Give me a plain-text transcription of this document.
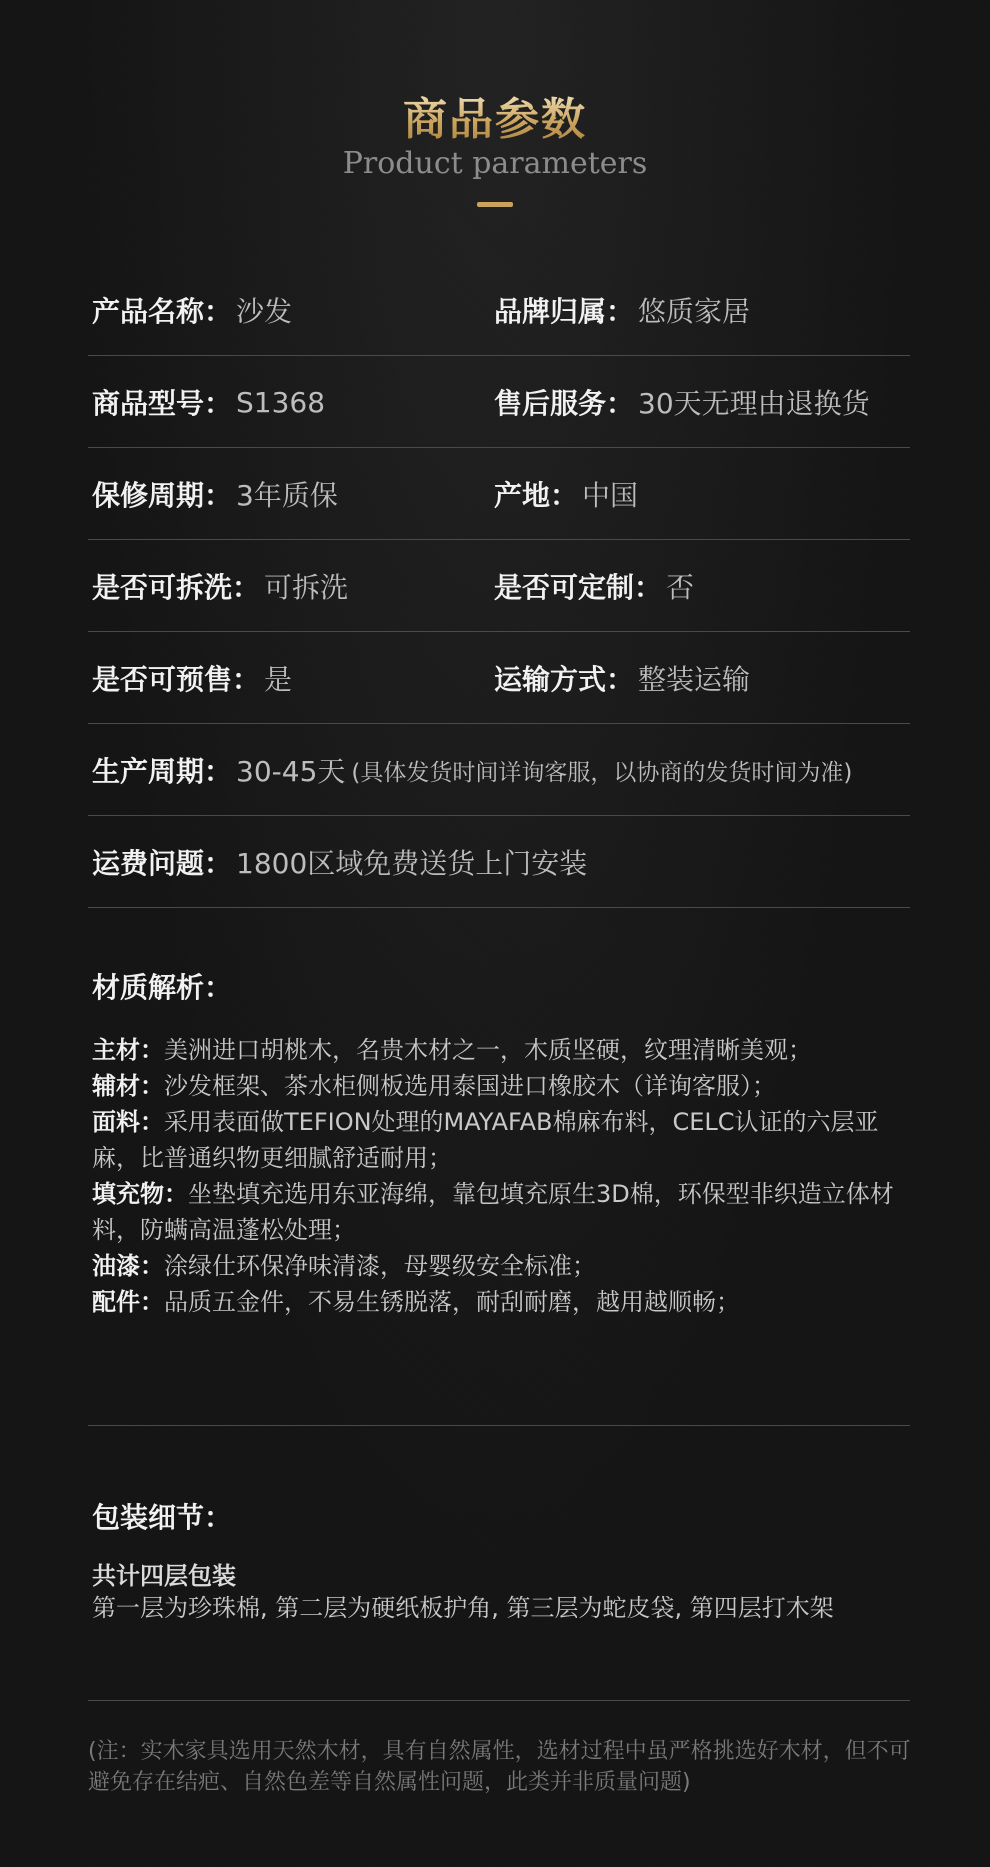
商品参数
Product parameters
产品名称： 沙发	品牌归属： 悠质家居
商品型号： S1368	售后服务： 30天无理由退换货
保修周期： 3年质保	产地： 中国
是否可拆洗： 可拆洗	是否可定制： 否
是否可预售： 是	运输方式： 整装运输
生产周期： 30-45天 (具体发货时间详询客服，以协商的发货时间为准)
运费问题： 1800区域免费送货上门安装
材质解析：
主材：美洲进口胡桃木，名贵木材之一，木质坚硬，纹理清晰美观；
辅材：沙发框架、茶水柜侧板选用泰国进口橡胶木（详询客服）；
面料：采用表面做TEFION处理的MAYAFAB棉麻布料，CELC认证的六层亚麻，比普通织物更细腻舒适耐用；
填充物：坐垫填充选用东亚海绵，靠包填充原生3D棉，环保型非织造立体材料，防螨高温蓬松处理；
油漆：涂绿仕环保净味清漆，母婴级安全标准；
配件：品质五金件，不易生锈脱落，耐刮耐磨，越用越顺畅；
包装细节：
共计四层包装
第一层为珍珠棉, 第二层为硬纸板护角, 第三层为蛇皮袋, 第四层打木架
(注：实木家具选用天然木材，具有自然属性，选材过程中虽严格挑选好木材，但不可避免存在结疤、自然色差等自然属性问题，此类并非质量问题)
